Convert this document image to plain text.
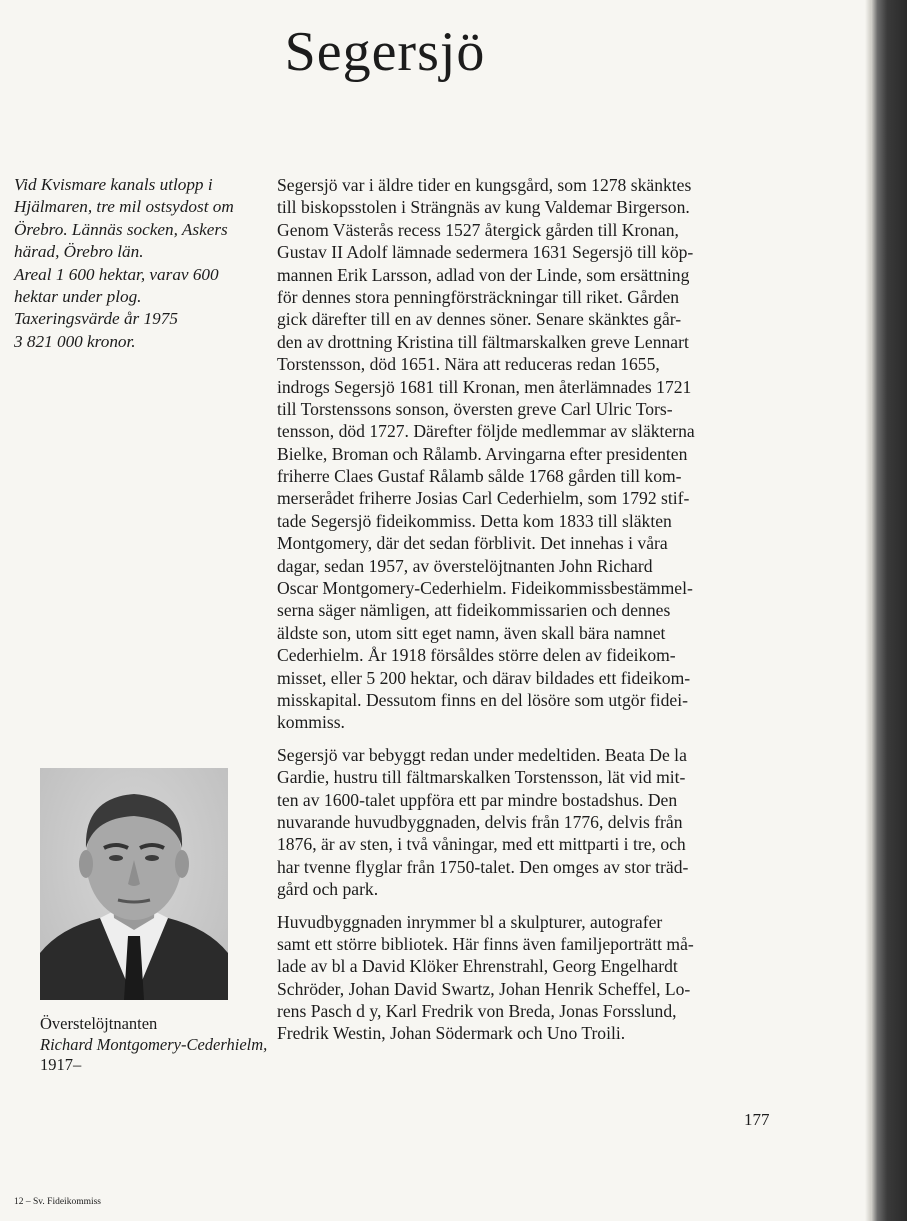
Segersjö
Vid Kvismare kanals utlopp i
Hjälmaren, tre mil ostsydost om
Örebro. Lännäs socken, Askers
härad, Örebro län.
Areal 1 600 hektar, varav 600
hektar under plog.
Taxeringsvärde år 1975
3 821 000 kronor.
Segersjö var i äldre tider en kungsgård, som 1278 skänktes
till biskopsstolen i Strängnäs av kung Valdemar Birgerson.
Genom Västerås recess 1527 återgick gården till Kronan,
Gustav II Adolf lämnade sedermera 1631 Segersjö till köp-
mannen Erik Larsson, adlad von der Linde, som ersättning
för dennes stora penningförsträckningar till riket. Gården
gick därefter till en av dennes söner. Senare skänktes går-
den av drottning Kristina till fältmarskalken greve Lennart
Torstensson, död 1651. Nära att reduceras redan 1655,
indrogs Segersjö 1681 till Kronan, men återlämnades 1721
till Torstenssons sonson, översten greve Carl Ulric Tors-
tensson, död 1727. Därefter följde medlemmar av släkterna
Bielke, Broman och Rålamb. Arvingarna efter presidenten
friherre Claes Gustaf Rålamb sålde 1768 gården till kom-
merserådet friherre Josias Carl Cederhielm, som 1792 stif-
tade Segersjö fideikommiss. Detta kom 1833 till släkten
Montgomery, där det sedan förblivit. Det innehas i våra
dagar, sedan 1957, av överstelöjtnanten John Richard
Oscar Montgomery-Cederhielm. Fideikommissbestämmel-
serna säger nämligen, att fideikommissarien och dennes
äldste son, utom sitt eget namn, även skall bära namnet
Cederhielm. År 1918 försåldes större delen av fideikom-
misset, eller 5 200 hektar, och därav bildades ett fideikom-
misskapital. Dessutom finns en del lösöre som utgör fidei-
kommiss.
Segersjö var bebyggt redan under medeltiden. Beata De la
Gardie, hustru till fältmarskalken Torstensson, lät vid mit-
ten av 1600-talet uppföra ett par mindre bostadshus. Den
nuvarande huvudbyggnaden, delvis från 1776, delvis från
1876, är av sten, i två våningar, med ett mittparti i tre, och
har tvenne flyglar från 1750-talet. Den omges av stor träd-
gård och park.
Huvudbyggnaden inrymmer bl a skulpturer, autografer
samt ett större bibliotek. Här finns även familjeporträtt må-
lade av bl a David Klöker Ehrenstrahl, Georg Engelhardt
Schröder, Johan David Swartz, Johan Henrik Scheffel, Lo-
rens Pasch d y, Karl Fredrik von Breda, Jonas Forsslund,
Fredrik Westin, Johan Södermark och Uno Troili.
Överstelöjtnanten
Richard Montgomery-Cederhielm,
1917–
177
12 – Sv. Fideikommiss
